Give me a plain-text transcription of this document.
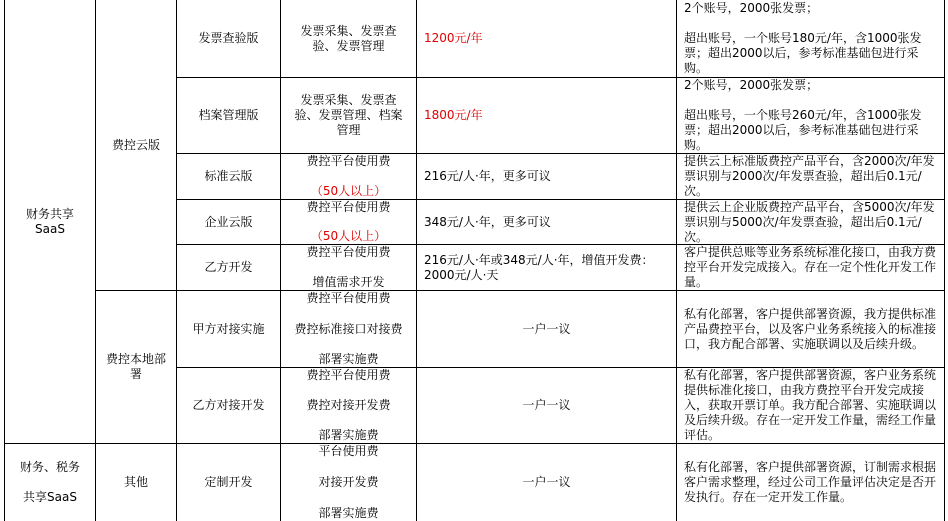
财务共享
SaaS
财务、税务

共享SaaS
费控云版
费控本地部
署
其他
发票查验版
发票采集、发票查
验、发票管理
1200元/年
2个账号，2000张发票；

超出账号，一个账号180元/年，含1000张发票；超出2000以后，参考标准基础包进行采购。
档案管理版
发票采集、发票查
验、发票管理、档案
管理
1800元/年
2个账号，2000张发票；

超出账号，一个账号260元/年，含1000张发票；超出2000以后，参考标准基础包进行采购。
标准云版
费控平台使用费
（50人以上）
216元/人·年，更多可议
提供云上标准版费控产品平台，含2000次/年发票识别与2000次/年发票查验，超出后0.1元/次。
企业云版
费控平台使用费
（50人以上）
348元/人·年，更多可议
提供云上企业版费控产品平台，含5000次/年发票识别与5000次/年发票查验，超出后0.1元/次。
乙方开发
费控平台使用费
增值需求开发
216元/人·年或348元/人·年，增值开发费：2000元/人·天
客户提供总账等业务系统标准化接口，由我方费控平台开发完成接入。存在一定个性化开发工作量。
甲方对接实施
费控平台使用费
费控标准接口对接费
部署实施费
一户一议
私有化部署，客户提供部署资源，我方提供标准产品费控平台，以及客户业务系统接入的标准接口，我方配合部署、实施联调以及后续升级。
乙方对接开发
费控平台使用费
费控对接开发费
部署实施费
一户一议
私有化部署，客户提供部署资源，客户业务系统提供标准化接口，由我方费控平台开发完成接入，获取开票订单。我方配合部署、实施联调以及后续升级。存在一定开发工作量，需经工作量评估。
定制开发
平台使用费
对接开发费
部署实施费
一户一议
私有化部署，客户提供部署资源，订制需求根据客户需求整理，经过公司工作量评估决定是否开发执行。存在一定开发工作量。
